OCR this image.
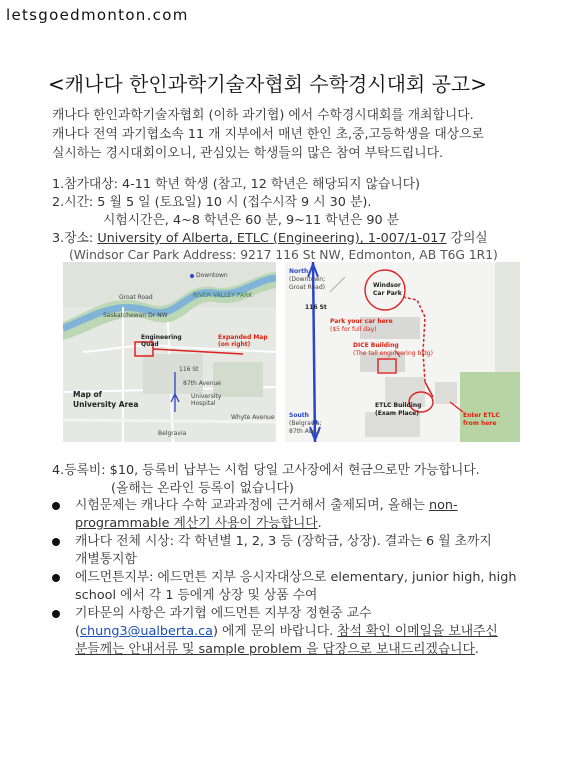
letsgoedmonton.com
<캐나다 한인과학기술자협회 수학경시대회 공고>
캐나다 한인과학기술자협회 (이하 과기협) 에서 수학경시대회를 개최합니다.
캐나다 전역 과기협소속 11 개 지부에서 매년 한인 초,중,고등학생을 대상으로
실시하는 경시대회이오니, 관심있는 학생들의 많은 참여 부탁드립니다.
1.참가대상: 4-11 학년 학생 (참고, 12 학년은 해당되지 않습니다)
2.시간: 5 월 5 일 (토요일) 10 시 (접수시작 9 시 30 분).
시험시간은, 4~8 학년은 60 분, 9~11 학년은 90 분
3.장소: University of Alberta, ETLC (Engineering), 1-007/1-017 강의실
(Windsor Car Park Address: 9217 116 St NW, Edmonton, AB T6G 1R1)
Downtown
RIVER VALLEY PARK
Groat Road
Saskatchewan Dr NW
Engineering Quad
Expanded Map (on right)
116 St
87th Avenue
University Hospital
Map of
University Area
Whyte Avenue
Belgravia
North
(Downtown;
Groat Road)
116 St
Windsor
Car Park
Park your car here
($5 for full day)
DICE Building
(The tall engineering bldg)
ETLC Building
(Exam Place)	Enter ETLC
from here
South
(Belgravia;
87th Ave.)
4.등록비: $10, 등록비 납부는 시험 당일 고사장에서 현금으로만 가능합니다.
(올해는 온라인 등록이 없습니다)
시험문제는 캐나다 수학 교과과정에 근거해서 출제되며, 올해는 non-
programmable 계산기 사용이 가능합니다.
캐나다 전체 시상: 각 학년별 1, 2, 3 등 (장학금, 상장). 결과는 6 월 초까지
개별통지함
에드먼튼지부: 에드먼튼 지부 응시자대상으로 elementary, junior high, high
school 에서 각 1 등에게 상장 및 상품 수여
기타문의 사항은 과기협 에드먼튼 지부장 정현중 교수
(chung3@ualberta.ca) 에게 문의 바랍니다. 참석 확인 이메일을 보내주신
분들께는 안내서류 및 sample problem 을 답장으로 보내드리겠습니다.
